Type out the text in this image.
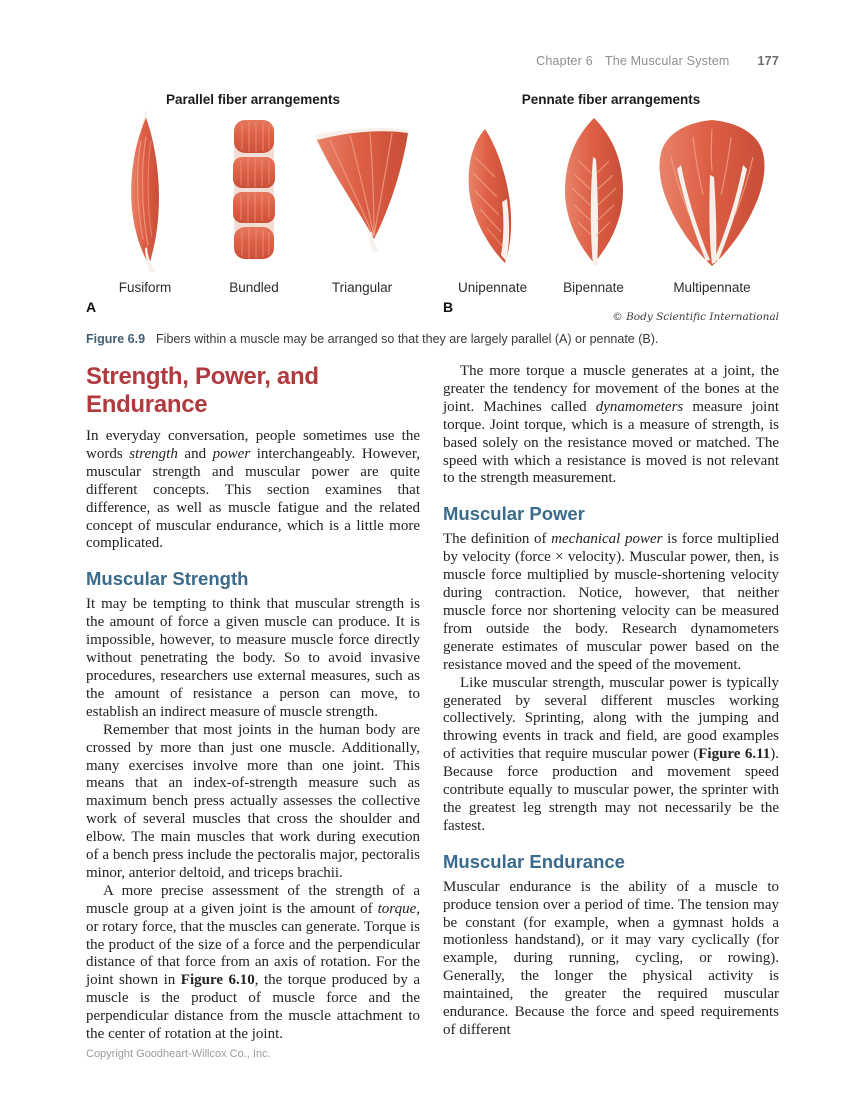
Chapter 6 The Muscular System 177
Parallel fiber arrangements
Fusiform	Bundled	Triangular
Pennate fiber arrangements
Unipennate	Bipennate	Multipennate
A	B
© Body Scientific International
Figure 6.9 Fibers within a muscle may be arranged so that they are largely parallel (A) or pennate (B).
Strength, Power, and Endurance

In everyday conversation, people sometimes use the words strength and power interchangeably. However, muscular strength and muscular power are quite different concepts. This section examines that difference, as well as muscle fatigue and the related concept of muscular endurance, which is a little more complicated.

Muscular Strength

It may be tempting to think that muscular strength is the amount of force a given muscle can produce. It is impossible, however, to measure muscle force directly without penetrating the body. So to avoid invasive procedures, researchers use external measures, such as the amount of resistance a person can move, to establish an indirect measure of muscle strength.

Remember that most joints in the human body are crossed by more than just one muscle. Additionally, many exercises involve more than one joint. This means that an index-of-strength measure such as maximum bench press actually assesses the collective work of several muscles that cross the shoulder and elbow. The main muscles that work during execution of a bench press include the pectoralis major, pectoralis minor, anterior deltoid, and triceps brachii.

A more precise assessment of the strength of a muscle group at a given joint is the amount of torque, or rotary force, that the muscles can generate. Torque is the product of the size of a force and the perpendicular distance of that force from an axis of rotation. For the joint shown in Figure 6.10, the torque produced by a muscle is the product of muscle force and the perpendicular distance from the muscle attachment to the center of rotation at the joint.

The more torque a muscle generates at a joint, the greater the tendency for movement of the bones at the joint. Machines called dynamometers measure joint torque. Joint torque, which is a measure of strength, is based solely on the resistance moved or matched. The speed with which a resistance is moved is not relevant to the strength measurement.

Muscular Power

The definition of mechanical power is force multiplied by velocity (force × velocity). Muscular power, then, is muscle force multiplied by muscle-shortening velocity during contraction. Notice, however, that neither muscle force nor shortening velocity can be measured from outside the body. Research dynamometers generate estimates of muscular power based on the resistance moved and the speed of the movement.

Like muscular strength, muscular power is typically generated by several different muscles working collectively. Sprinting, along with the jumping and throwing events in track and field, are good examples of activities that require muscular power (Figure 6.11). Because force production and movement speed contribute equally to muscular power, the sprinter with the greatest leg strength may not necessarily be the fastest.

Muscular Endurance

Muscular endurance is the ability of a muscle to produce tension over a period of time. The tension may be constant (for example, when a gymnast holds a motionless handstand), or it may vary cyclically (for example, during running, cycling, or rowing). Generally, the longer the physical activity is maintained, the greater the required muscular endurance. Because the force and speed requirements of different

Copyright Goodheart-Willcox Co., Inc.
